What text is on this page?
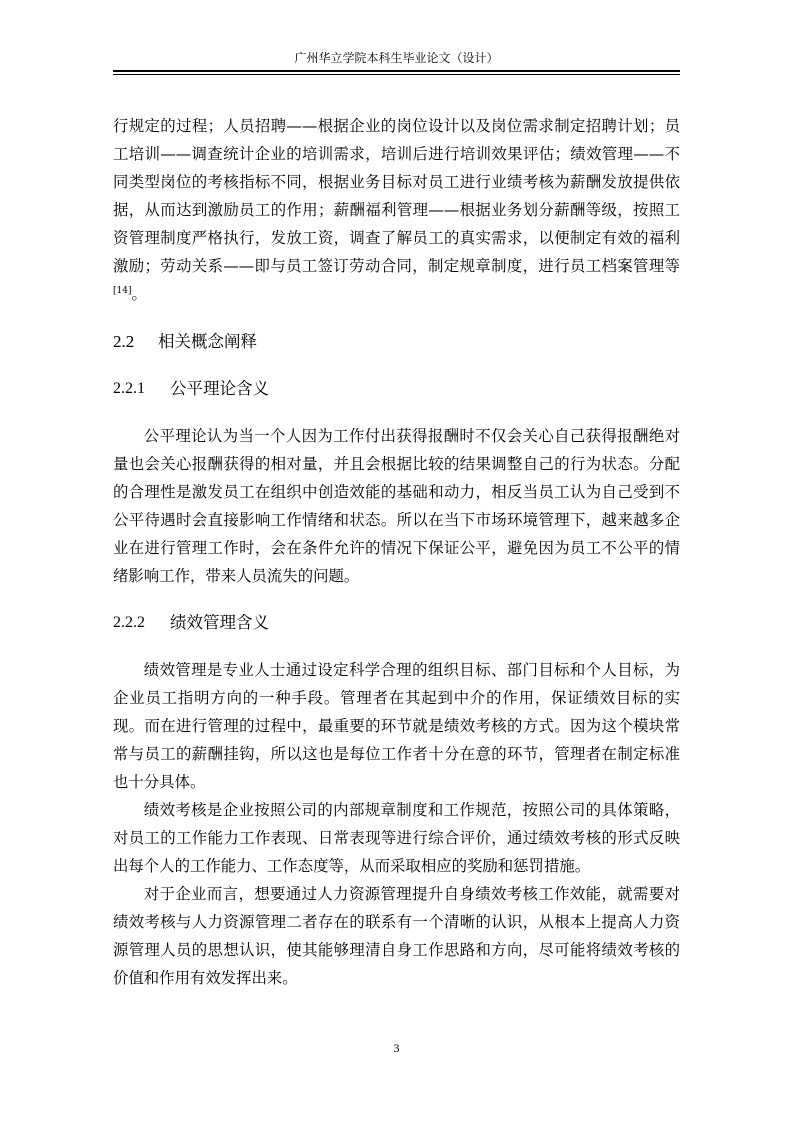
广州华立学院本科生毕业论文（设计）

行规定的过程；人员招聘——根据企业的岗位设计以及岗位需求制定招聘计划；员工培训——调查统计企业的培训需求，培训后进行培训效果评估；绩效管理——不同类型岗位的考核指标不同，根据业务目标对员工进行业绩考核为薪酬发放提供依据，从而达到激励员工的作用；薪酬福利管理——根据业务划分薪酬等级，按照工资管理制度严格执行，发放工资，调查了解员工的真实需求，以便制定有效的福利激励；劳动关系——即与员工签订劳动合同，制定规章制度，进行员工档案管理等[14]。

2.2	相关概念阐释
2.2.1	公平理论含义

公平理论认为当一个人因为工作付出获得报酬时不仅会关心自己获得报酬绝对量也会关心报酬获得的相对量，并且会根据比较的结果调整自己的行为状态。分配的合理性是激发员工在组织中创造效能的基础和动力，相反当员工认为自己受到不公平待遇时会直接影响工作情绪和状态。所以在当下市场环境管理下，越来越多企业在进行管理工作时，会在条件允许的情况下保证公平，避免因为员工不公平的情绪影响工作，带来人员流失的问题。

2.2.2	绩效管理含义

绩效管理是专业人士通过设定科学合理的组织目标、部门目标和个人目标，为企业员工指明方向的一种手段。管理者在其起到中介的作用，保证绩效目标的实现。而在进行管理的过程中，最重要的环节就是绩效考核的方式。因为这个模块常常与员工的薪酬挂钩，所以这也是每位工作者十分在意的环节，管理者在制定标准也十分具体。

绩效考核是企业按照公司的内部规章制度和工作规范，按照公司的具体策略，对员工的工作能力工作表现、日常表现等进行综合评价，通过绩效考核的形式反映出每个人的工作能力、工作态度等，从而采取相应的奖励和惩罚措施。

对于企业而言，想要通过人力资源管理提升自身绩效考核工作效能，就需要对绩效考核与人力资源管理二者存在的联系有一个清晰的认识，从根本上提高人力资源管理人员的思想认识，使其能够理清自身工作思路和方向，尽可能将绩效考核的价值和作用有效发挥出来。

3
